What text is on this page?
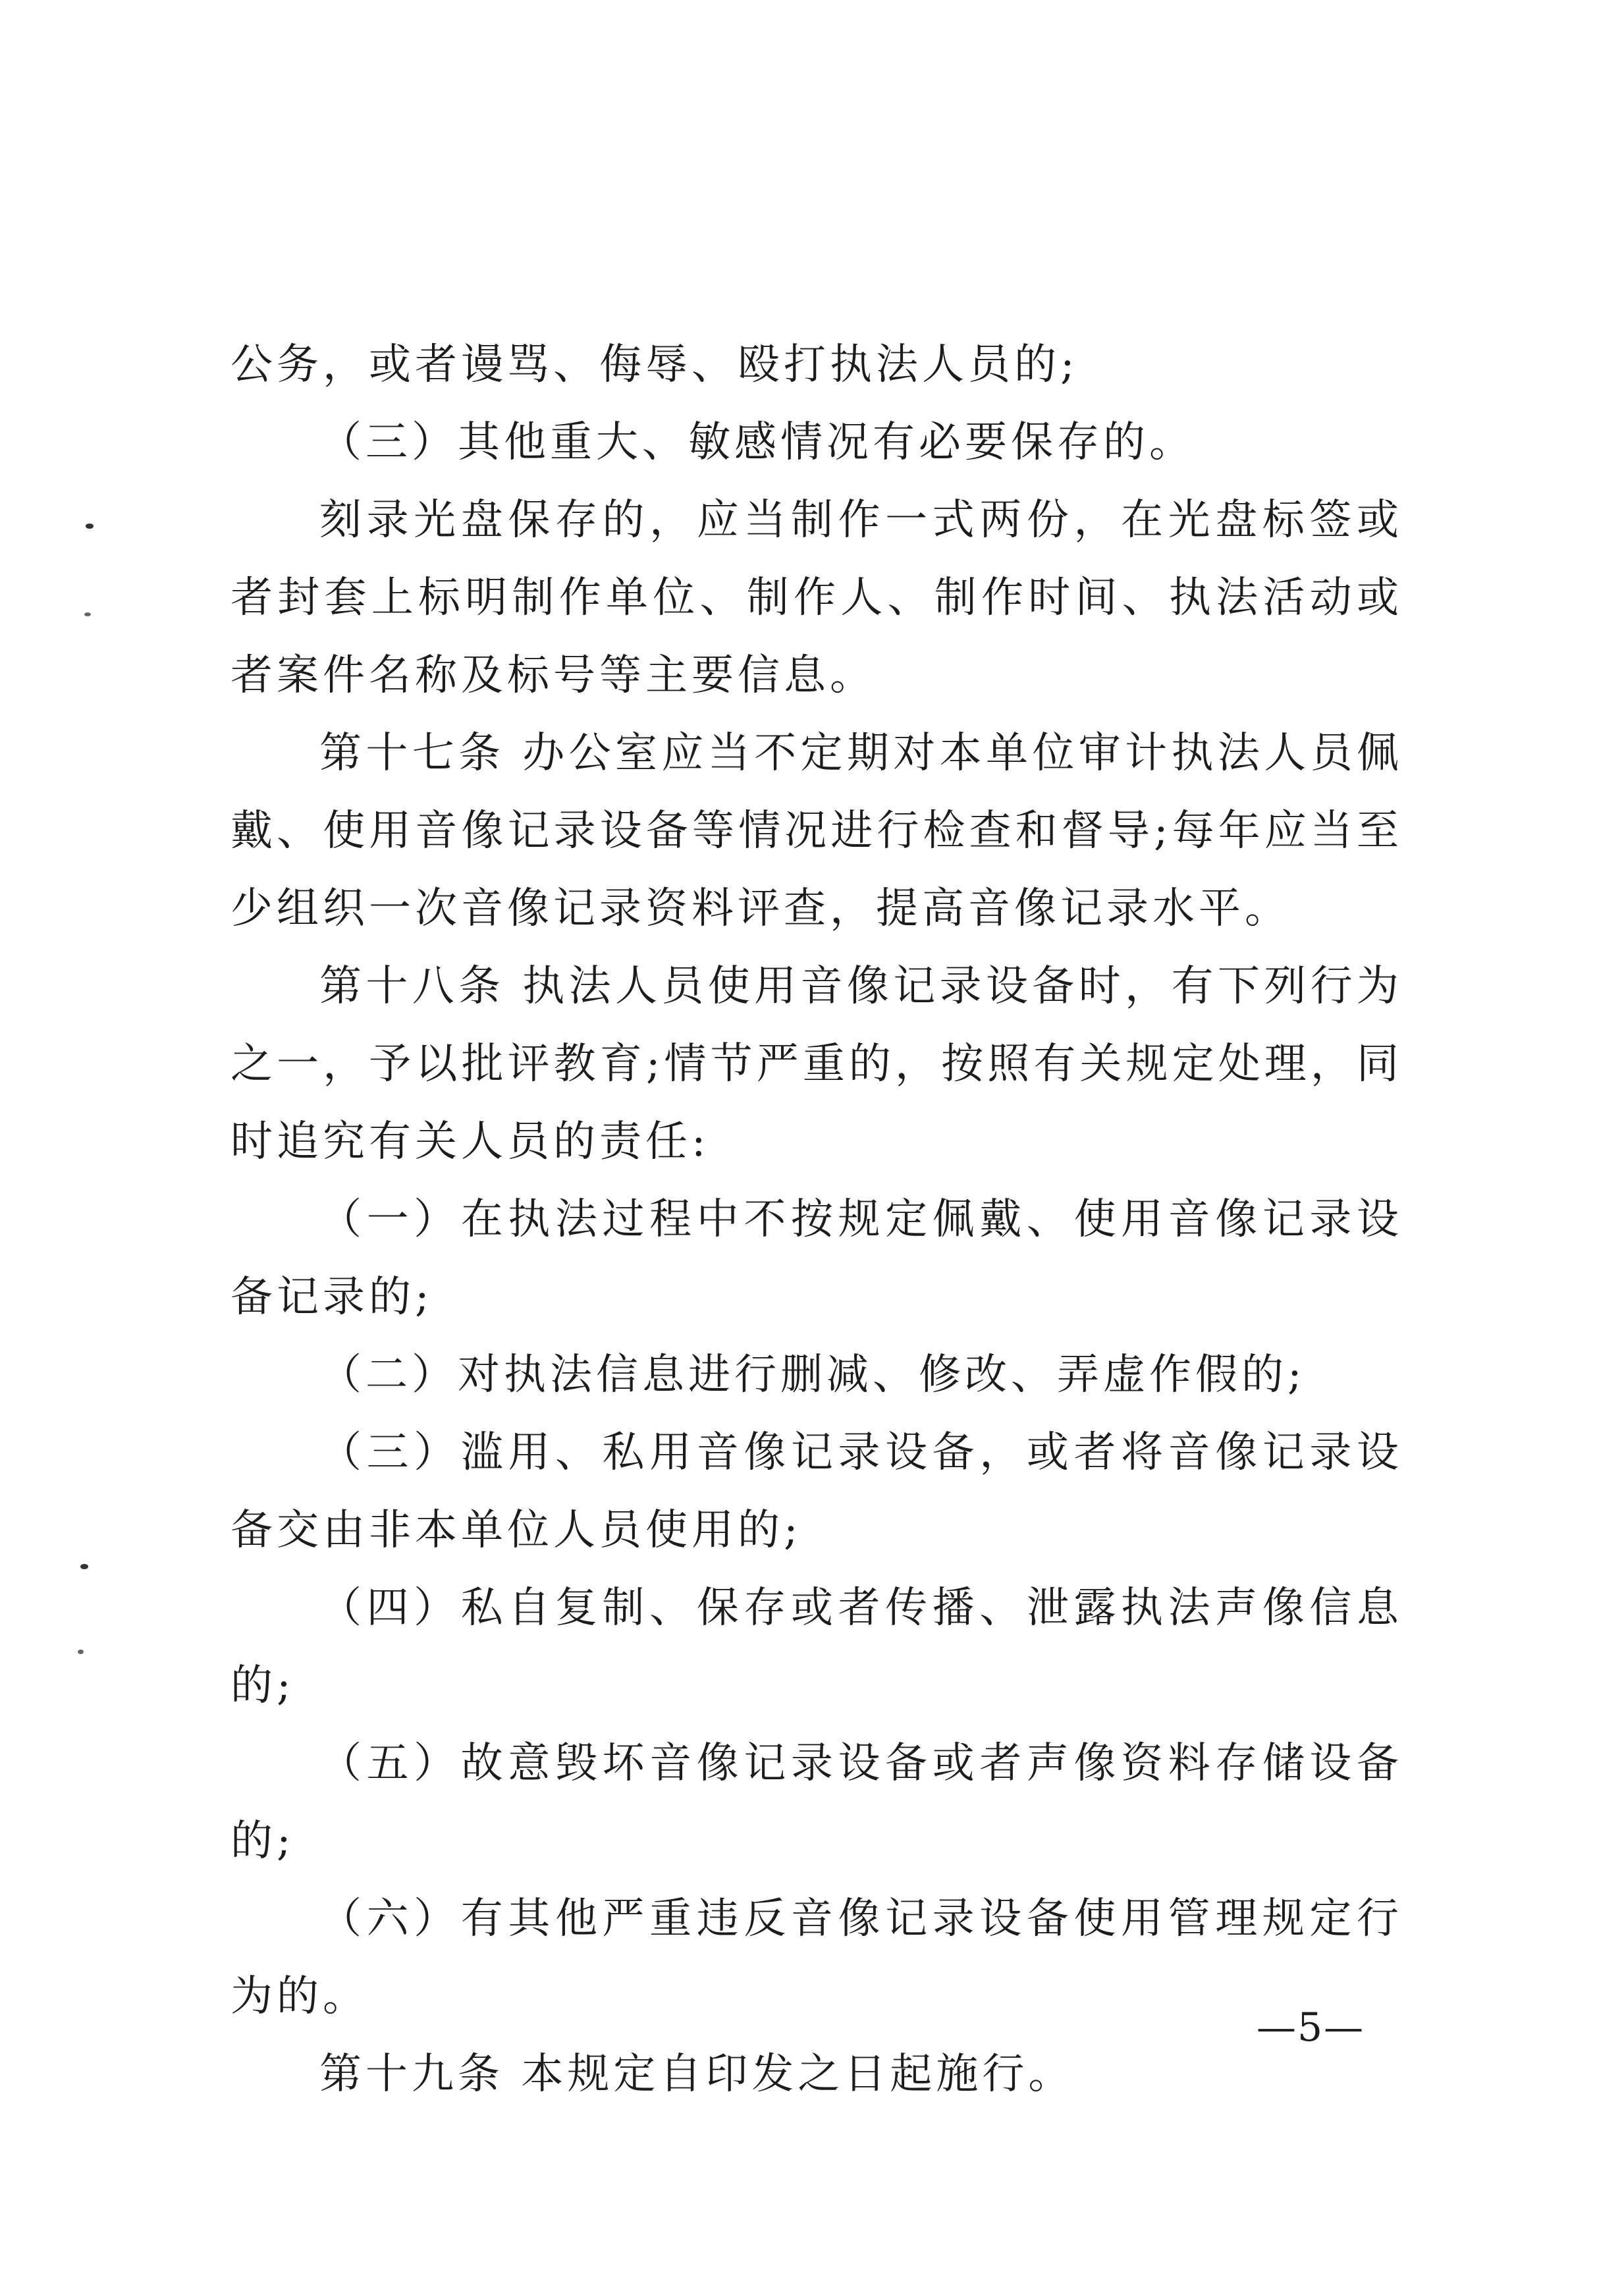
公务，或者谩骂、侮辱、殴打执法人员的;

（三）其他重大、敏感情况有必要保存的。

刻录光盘保存的，应当制作一式两份，在光盘标签或者封套上标明制作单位、制作人、制作时间、执法活动或者案件名称及标号等主要信息。

第十七条 办公室应当不定期对本单位审计执法人员佩戴、使用音像记录设备等情况进行检查和督导;每年应当至少组织一次音像记录资料评查，提高音像记录水平。

第十八条 执法人员使用音像记录设备时，有下列行为之一，予以批评教育;情节严重的，按照有关规定处理，同时追究有关人员的责任:

（一）在执法过程中不按规定佩戴、使用音像记录设备记录的;

（二）对执法信息进行删减、修改、弄虚作假的;

（三）滥用、私用音像记录设备，或者将音像记录设备交由非本单位人员使用的;

（四）私自复制、保存或者传播、泄露执法声像信息的;

（五）故意毁坏音像记录设备或者声像资料存储设备的;

（六）有其他严重违反音像记录设备使用管理规定行为的。

第十九条 本规定自印发之日起施行。

—5—
